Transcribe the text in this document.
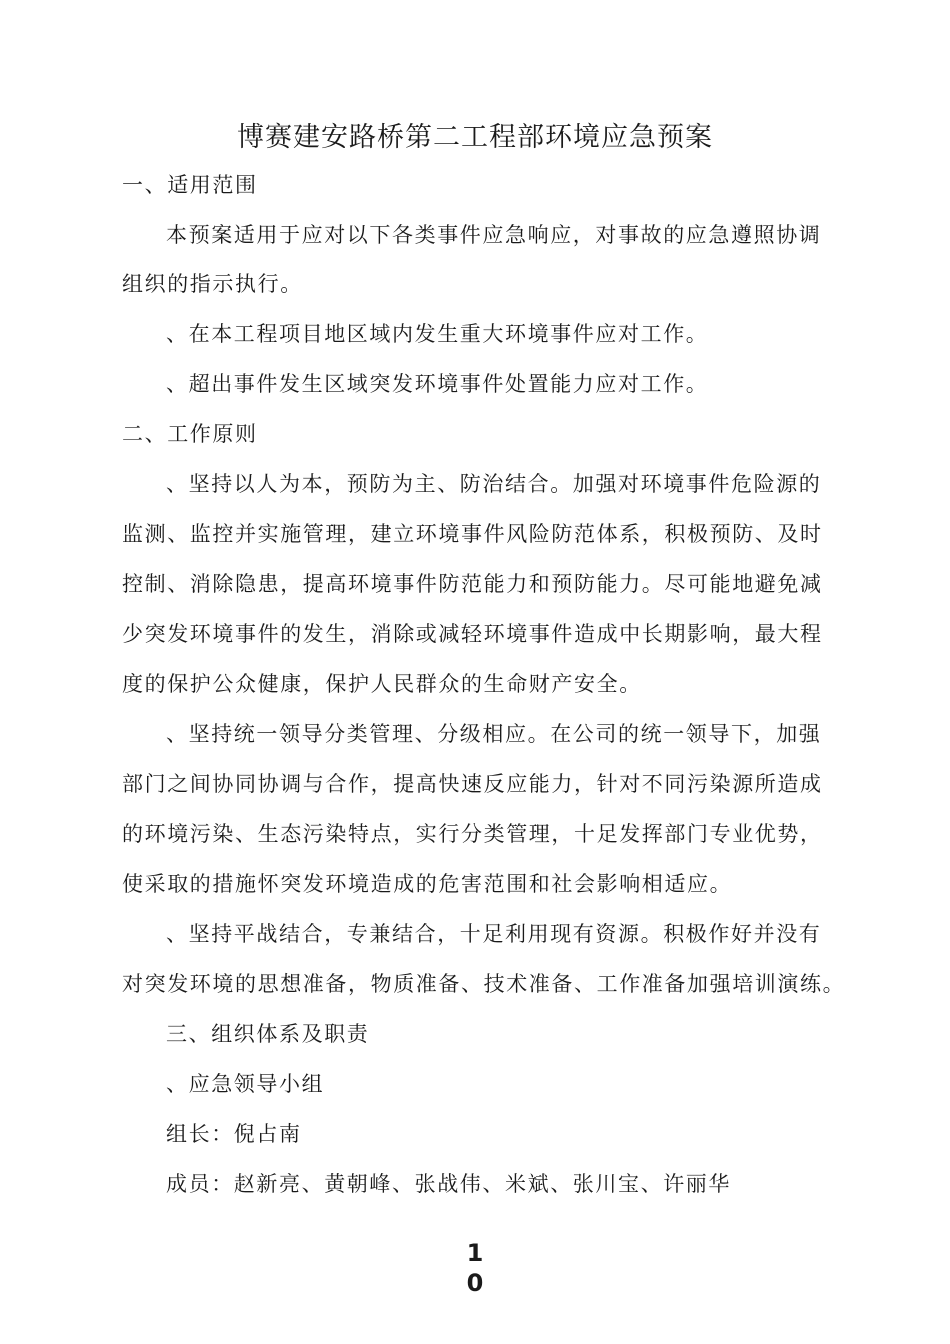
博赛建安路桥第二工程部环境应急预案
一、适用范围
本预案适用于应对以下各类事件应急响应，对事故的应急遵照协调
组织的指示执行。
、在本工程项目地区域内发生重大环境事件应对工作。
、超出事件发生区域突发环境事件处置能力应对工作。
二、工作原则
、坚持以人为本，预防为主、防治结合。加强对环境事件危险源的
监测、监控并实施管理，建立环境事件风险防范体系，积极预防、及时
控制、消除隐患，提高环境事件防范能力和预防能力。尽可能地避免减
少突发环境事件的发生，消除或减轻环境事件造成中长期影响，最大程
度的保护公众健康，保护人民群众的生命财产安全。
、坚持统一领导分类管理、分级相应。在公司的统一领导下，加强
部门之间协同协调与合作，提高快速反应能力，针对不同污染源所造成
的环境污染、生态污染特点，实行分类管理，十足发挥部门专业优势，
使采取的措施怀突发环境造成的危害范围和社会影响相适应。
、坚持平战结合，专兼结合，十足利用现有资源。积极作好并没有
对突发环境的思想准备，物质准备、技术准备、工作准备加强培训演练。
三、组织体系及职责
、应急领导小组
组长：倪占南
成员：赵新亮、黄朝峰、张战伟、米斌、张川宝、许丽华
1
0
